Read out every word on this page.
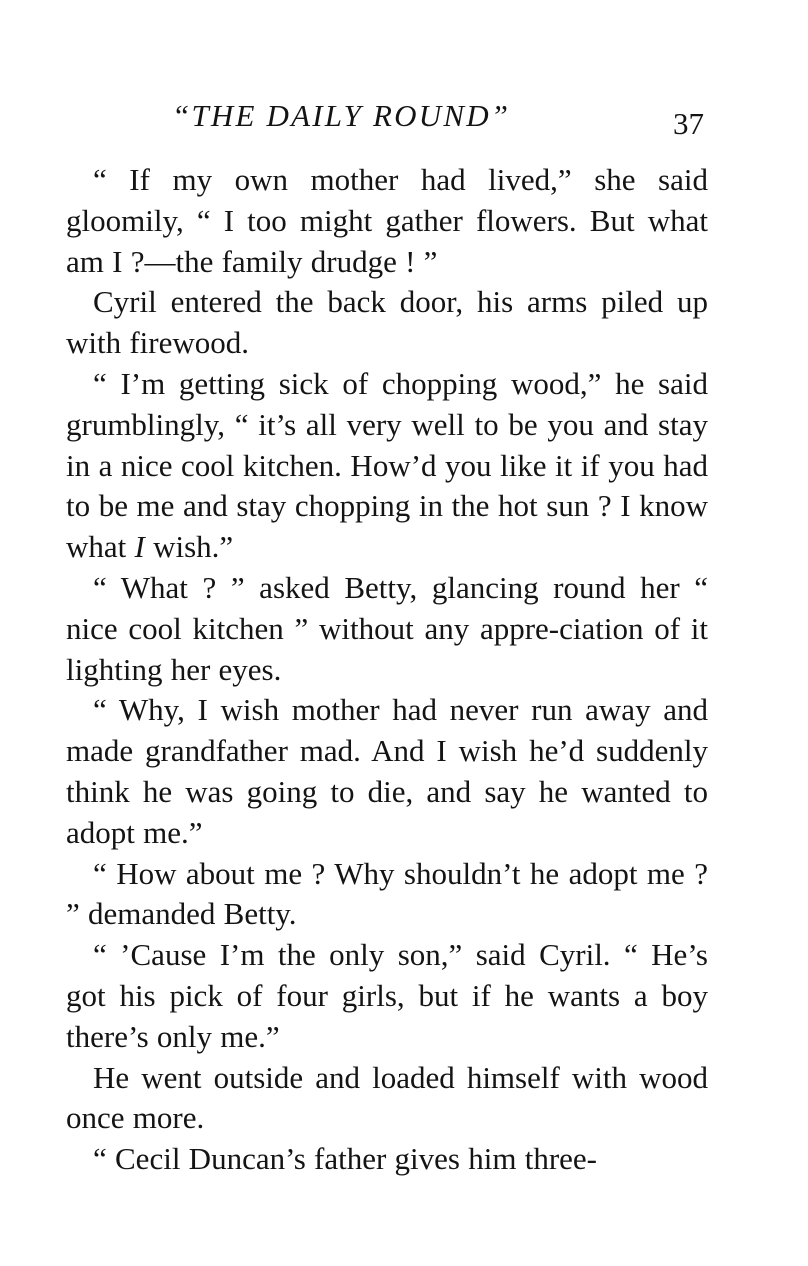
“THE DAILY ROUND”	37

“ If my own mother had lived,” she said gloomily, “ I too might gather flowers. But what am I ?—the family drudge ! ”

Cyril entered the back door, his arms piled up with firewood.

“ I’m getting sick of chopping wood,” he said grumblingly, “ it’s all very well to be you and stay in a nice cool kitchen. How’d you like it if you had to be me and stay chopping in the hot sun ? I know what I wish.”

“ What ? ” asked Betty, glancing round her “ nice cool kitchen ” without any appre-ciation of it lighting her eyes.

“ Why, I wish mother had never run away and made grandfather mad. And I wish he’d suddenly think he was going to die, and say he wanted to adopt me.”

“ How about me ? Why shouldn’t he adopt me ? ” demanded Betty.

“ ’Cause I’m the only son,” said Cyril. “ He’s got his pick of four girls, but if he wants a boy there’s only me.”

He went outside and loaded himself with wood once more.

“ Cecil Duncan’s father gives him three-
